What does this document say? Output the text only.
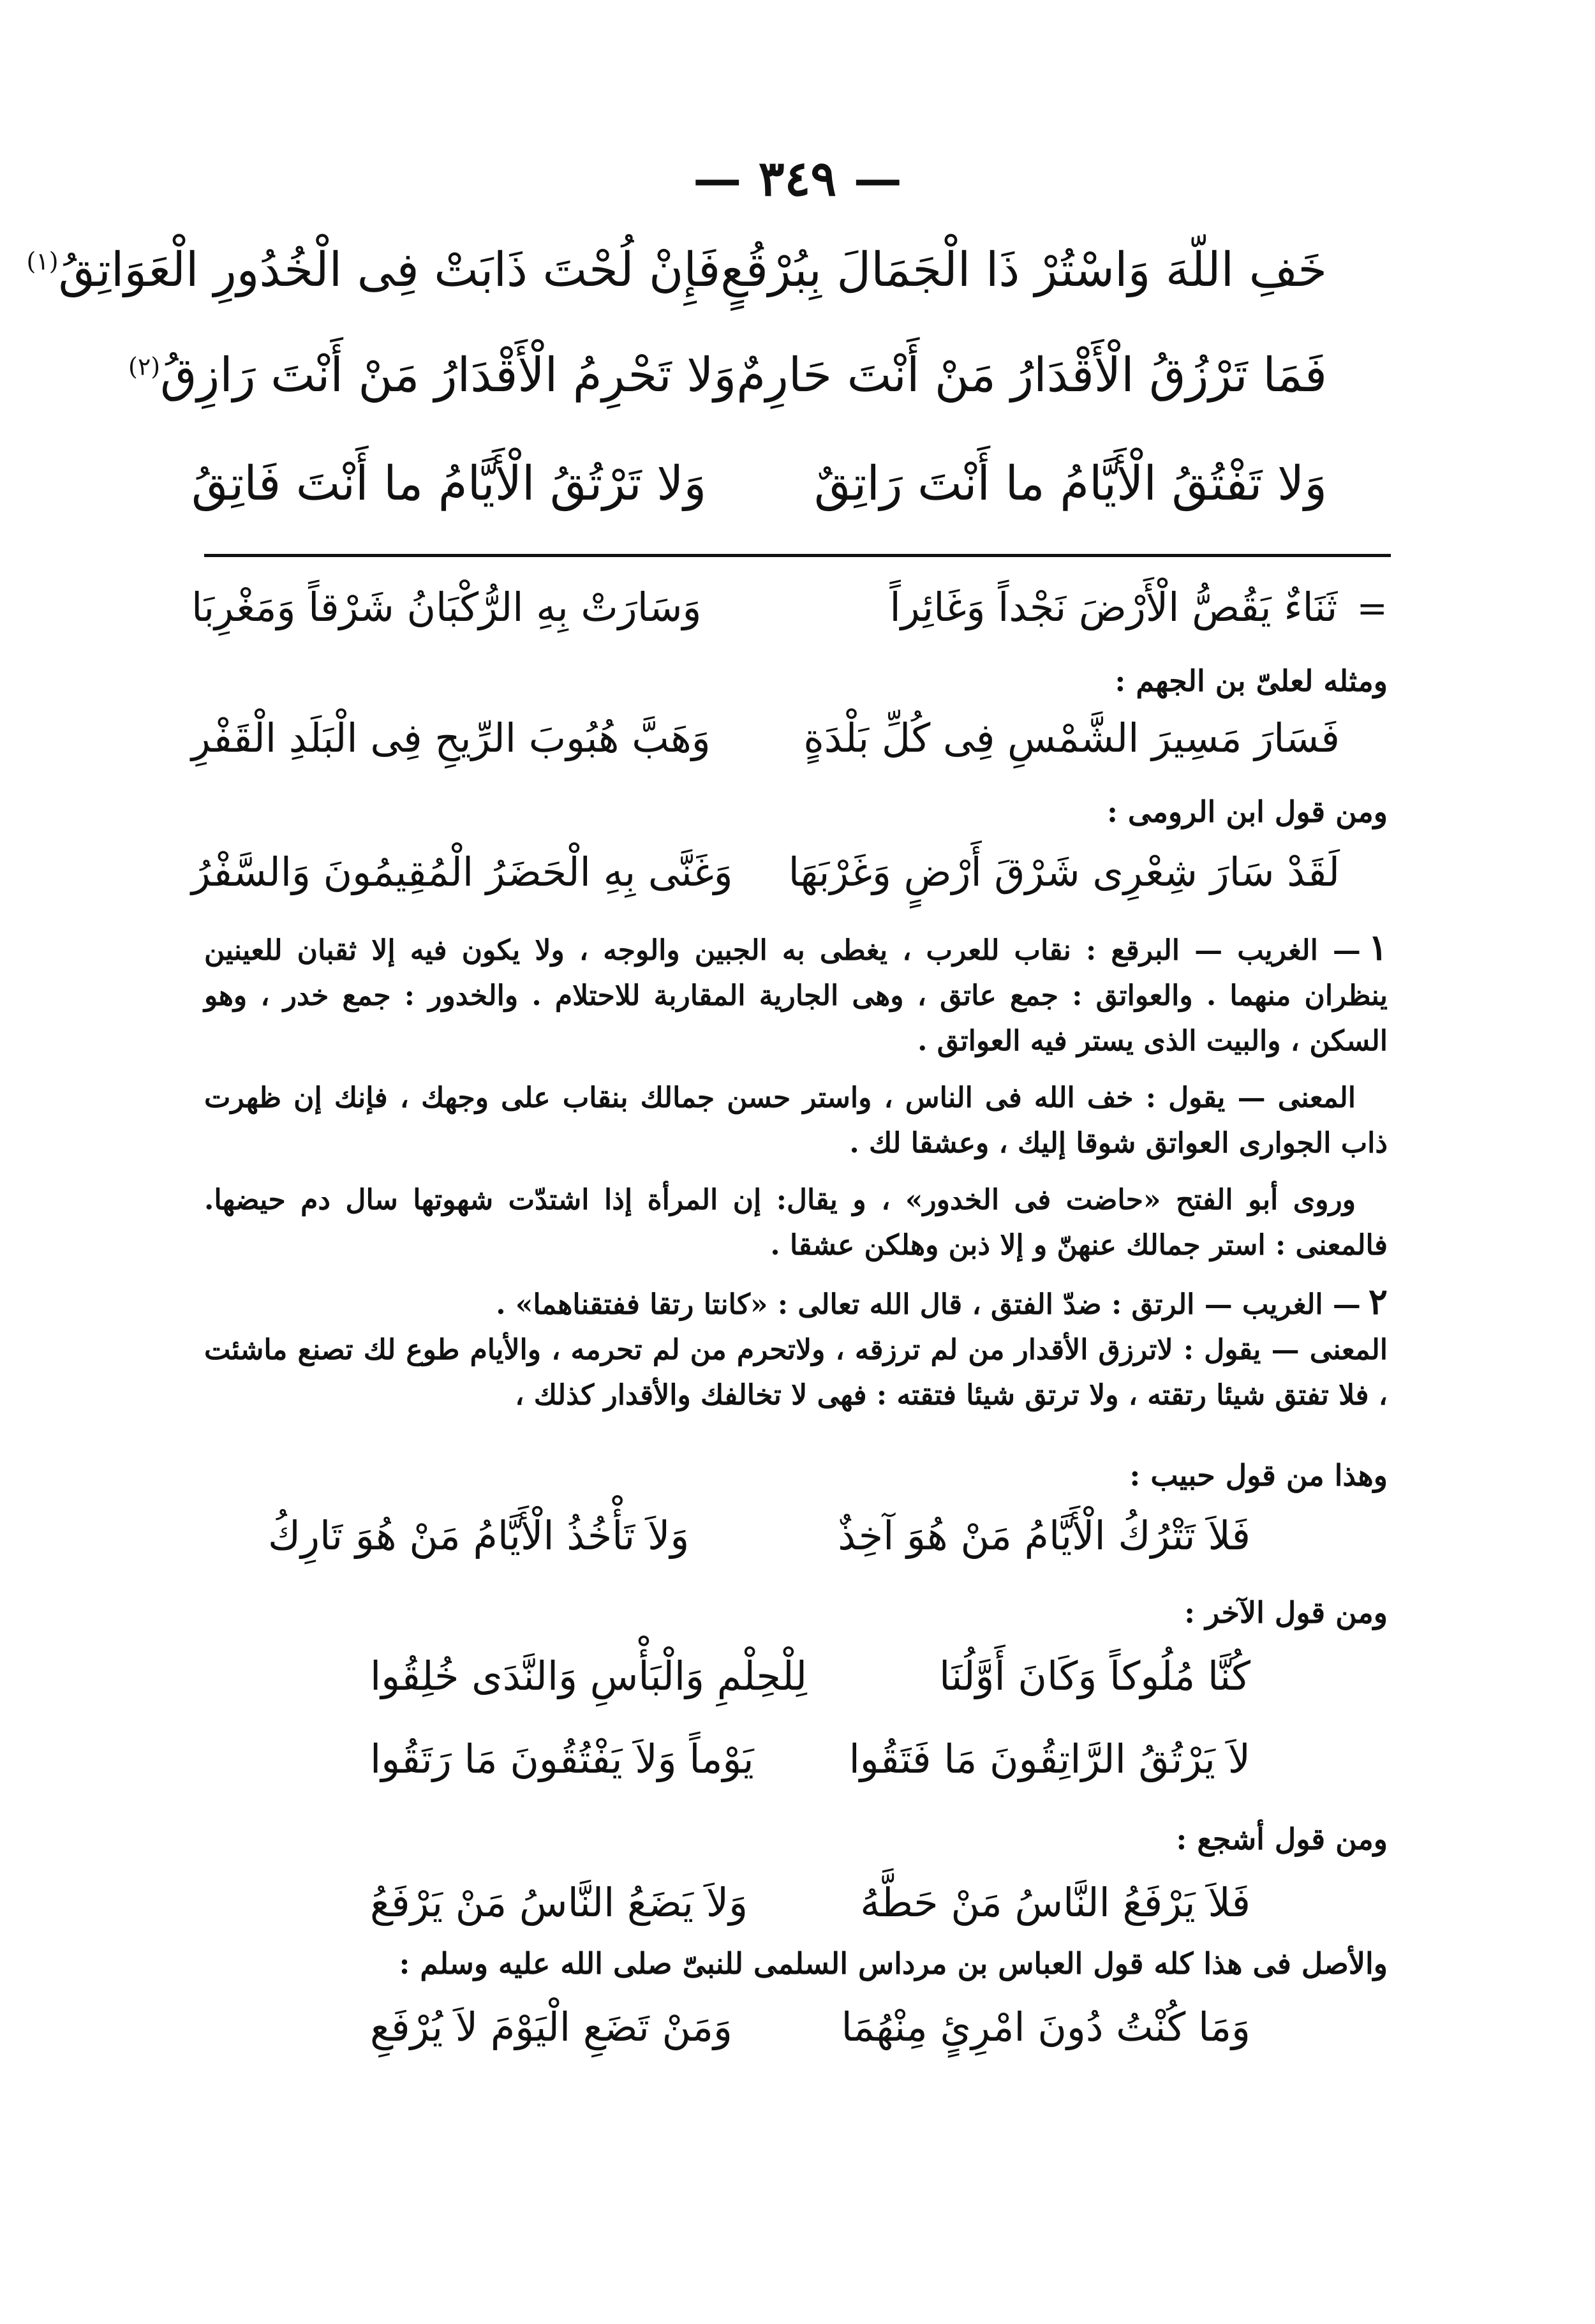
— ٣٤٩ —
خَفِ اللّهَ وَاسْتُرْ ذَا الْجَمَالَ بِبُرْقُعٍ
فَإِنْ لُحْتَ ذَابَتْ فِى الْخُدُورِ الْعَوَاتِقُ$^{(١)}$
فَمَا تَرْزُقُ الْأَقْدَارُ مَنْ أَنْتَ حَارِمٌ
وَلا تَحْرِمُ الْأَقْدَارُ مَنْ أَنْتَ رَازِقُ$^{(٢)}$
وَلا تَفْتُقُ الْأَيَّامُ ما أَنْتَ رَاتِقٌ
وَلا تَرْتُقُ الْأَيَّامُ ما أَنْتَ فَاتِقُ
=ثَنَاءٌ يَقُصُّ الْأَرْضَ نَجْداً وَغَائِراً
وَسَارَتْ بِهِ الرُّكْبَانُ شَرْقاً وَمَغْرِبَا
ومثله لعلىّ بن الجهم :
فَسَارَ مَسِيرَ الشَّمْسِ فِى كُلِّ بَلْدَةٍ
وَهَبَّ هُبُوبَ الرِّيحِ فِى الْبَلَدِ الْقَفْرِ
ومن قول ابن الرومى :
لَقَدْ سَارَ شِعْرِى شَرْقَ أَرْضٍ وَغَرْبَهَا
وَغَنَّى بِهِ الْحَضَرُ الْمُقِيمُونَ وَالسَّفْرُ
١— الغريب — البرقع : نقاب للعرب ، يغطى به الجبين والوجه ، ولا يكون فيه إلا ثقبان للعينين ينظران منهما . والعواتق : جمع عاتق ، وهى الجارية المقاربة للاحتلام . والخدور : جمع خدر ، وهو السكن ، والبيت الذى يستر فيه العواتق .
المعنى — يقول : خف الله فى الناس ، واستر حسن جمالك بنقاب على وجهك ، فإنك إن ظهرت ذاب الجوارى العواتق شوقا إليك ، وعشقا لك .
وروى أبو الفتح «حاضت فى الخدور» ، و يقال: إن المرأة إذا اشتدّت شهوتها سال دم حيضها. فالمعنى : استر جمالك عنهنّ و إلا ذبن وهلكن عشقا .
٢— الغريب — الرتق : ضدّ الفتق ، قال الله تعالى : «كانتا رتقا ففتقناهما» .
المعنى — يقول : لاترزق الأقدار من لم ترزقه ، ولاتحرم من لم تحرمه ، والأيام طوع لك تصنع ماشئت ، فلا تفتق شيئا رتقته ، ولا ترتق شيئا فتقته : فهى لا تخالفك والأقدار كذلك ،
وهذا من قول حبيب :
فَلاَ تَتْرُكُ الْأَيَّامُ مَنْ هُوَ آخِذٌ
وَلاَ تَأْخُذُ الْأَيَّامُ مَنْ هُوَ تَارِكُ
ومن قول الآخر :
كُنَّا مُلُوكاً وَكَانَ أَوَّلُنَا
لِلْحِلْمِ وَالْبَأْسِ وَالنَّدَى خُلِقُوا
لاَ يَرْتُقُ الرَّاتِقُونَ مَا فَتَقُوا
يَوْماً وَلاَ يَفْتُقُونَ مَا رَتَقُوا
ومن قول أشجع :
فَلاَ يَرْفَعُ النَّاسُ مَنْ حَطَّهُ
وَلاَ يَضَعُ النَّاسُ مَنْ يَرْفَعُ
والأصل فى هذا كله قول العباس بن مرداس السلمى للنبىّ صلى الله عليه وسلم :
وَمَا كُنْتُ دُونَ امْرِئٍ مِنْهُمَا
وَمَنْ تَضَعِ الْيَوْمَ لاَ يُرْفَعِ
